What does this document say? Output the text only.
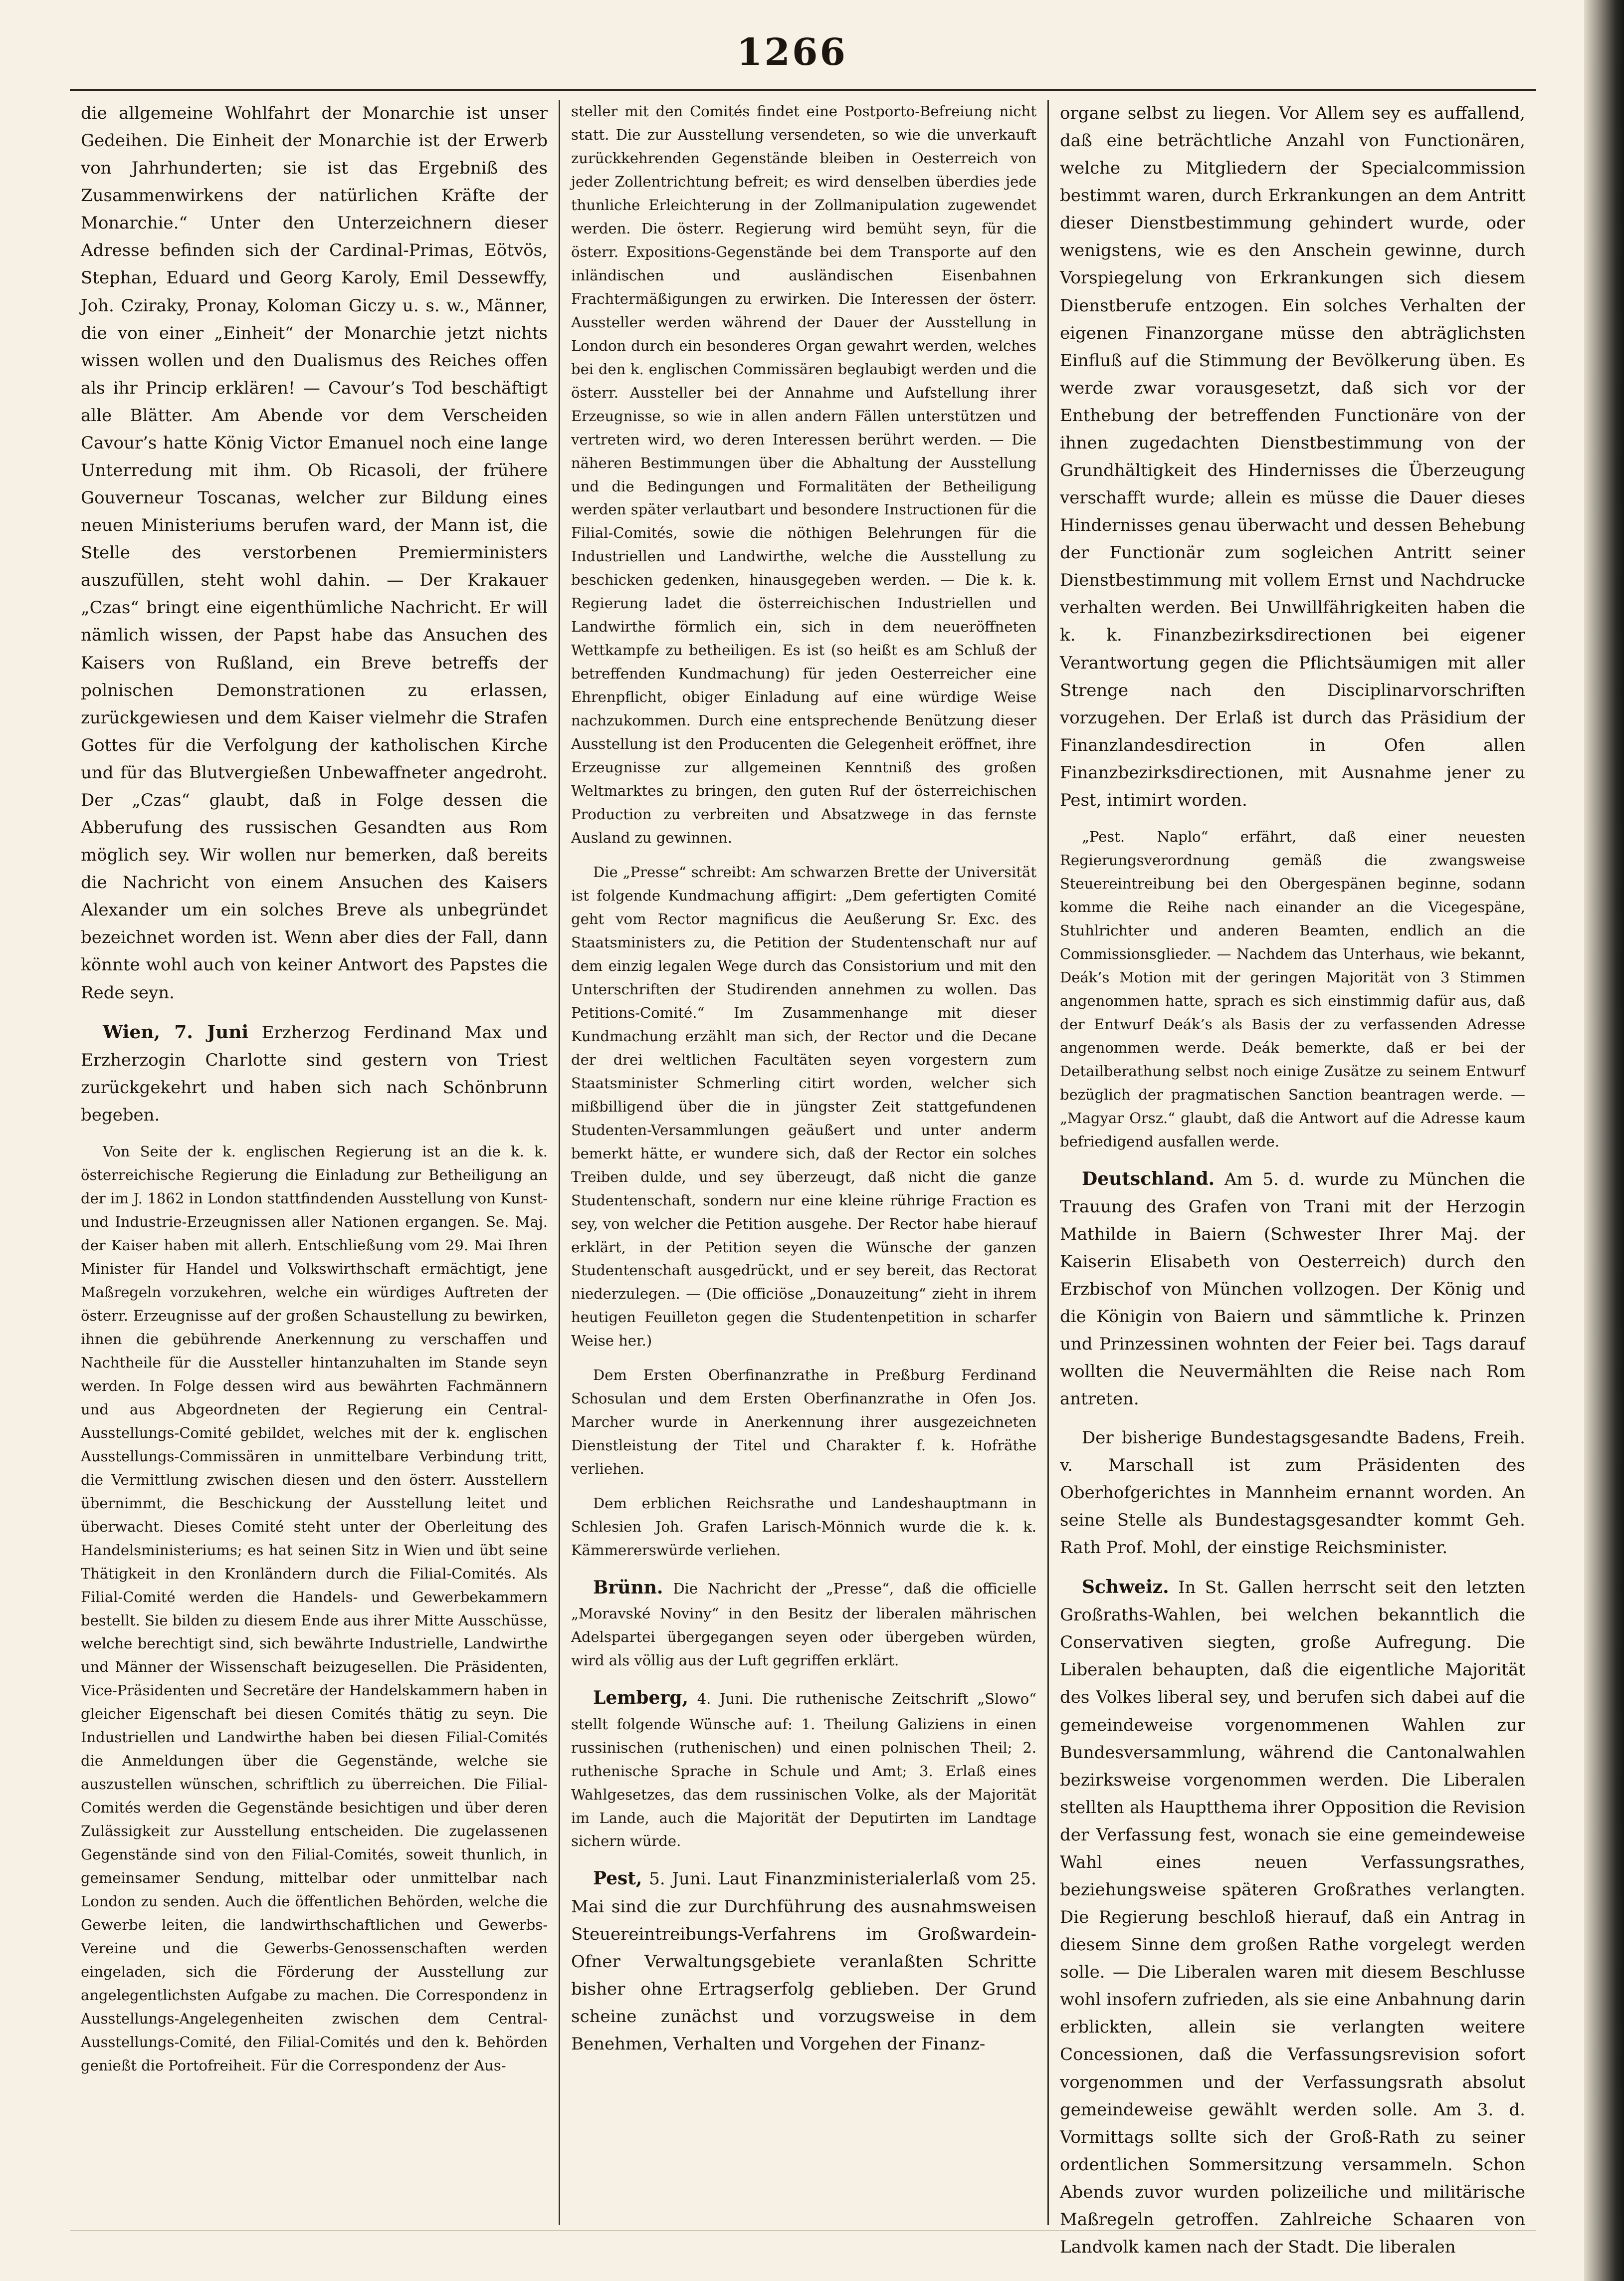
1266

die allgemeine Wohlfahrt der Monarchie ist unser Gedeihen. Die Einheit der Monarchie ist der Erwerb von Jahrhunderten; sie ist das Ergebniß des Zusammenwirkens der natürlichen Kräfte der Monarchie.“ Unter den Unterzeichnern dieser Adresse befinden sich der Cardinal-Primas, Eötvös, Stephan, Eduard und Georg Karoly, Emil Dessewffy, Joh. Cziraky, Pronay, Koloman Giczy u. s. w., Männer, die von einer „Einheit“ der Monarchie jetzt nichts wissen wollen und den Dualismus des Reiches offen als ihr Princip erklären! — Cavour’s Tod beschäftigt alle Blätter. Am Abende vor dem Verscheiden Cavour’s hatte König Victor Emanuel noch eine lange Unterredung mit ihm. Ob Ricasoli, der frühere Gouverneur Toscanas, welcher zur Bildung eines neuen Ministeriums berufen ward, der Mann ist, die Stelle des verstorbenen Premierministers auszufüllen, steht wohl dahin. — Der Krakauer „Czas“ bringt eine eigenthümliche Nachricht. Er will nämlich wissen, der Papst habe das Ansuchen des Kaisers von Rußland, ein Breve betreffs der polnischen Demonstrationen zu erlassen, zurückgewiesen und dem Kaiser vielmehr die Strafen Gottes für die Verfolgung der katholischen Kirche und für das Blutvergießen Unbewaffneter angedroht. Der „Czas“ glaubt, daß in Folge dessen die Abberufung des russischen Gesandten aus Rom möglich sey. Wir wollen nur bemerken, daß bereits die Nachricht von einem Ansuchen des Kaisers Alexander um ein solches Breve als unbegründet bezeichnet worden ist. Wenn aber dies der Fall, dann könnte wohl auch von keiner Antwort des Papstes die Rede seyn.

Wien, 7. Juni Erzherzog Ferdinand Max und Erzherzogin Charlotte sind gestern von Triest zurückgekehrt und haben sich nach Schönbrunn begeben.

Von Seite der k. englischen Regierung ist an die k. k. österreichische Regierung die Einladung zur Betheiligung an der im J. 1862 in London stattfindenden Ausstellung von Kunst- und Industrie-Erzeugnissen aller Nationen ergangen. Se. Maj. der Kaiser haben mit allerh. Entschließung vom 29. Mai Ihren Minister für Handel und Volkswirthschaft ermächtigt, jene Maßregeln vorzukehren, welche ein würdiges Auftreten der österr. Erzeugnisse auf der großen Schaustellung zu bewirken, ihnen die gebührende Anerkennung zu verschaffen und Nachtheile für die Aussteller hintanzuhalten im Stande seyn werden. In Folge dessen wird aus bewährten Fachmännern und aus Abgeordneten der Regierung ein Central-Ausstellungs-Comité gebildet, welches mit der k. englischen Ausstellungs-Commissären in unmittelbare Verbindung tritt, die Vermittlung zwischen diesen und den österr. Ausstellern übernimmt, die Beschickung der Ausstellung leitet und überwacht. Dieses Comité steht unter der Oberleitung des Handelsministeriums; es hat seinen Sitz in Wien und übt seine Thätigkeit in den Kronländern durch die Filial-Comités. Als Filial-Comité werden die Handels- und Gewerbekammern bestellt. Sie bilden zu diesem Ende aus ihrer Mitte Ausschüsse, welche berechtigt sind, sich bewährte Industrielle, Landwirthe und Männer der Wissenschaft beizugesellen. Die Präsidenten, Vice-Präsidenten und Secretäre der Handelskammern haben in gleicher Eigenschaft bei diesen Comités thätig zu seyn. Die Industriellen und Landwirthe haben bei diesen Filial-Comités die Anmeldungen über die Gegenstände, welche sie auszustellen wünschen, schriftlich zu überreichen. Die Filial-Comités werden die Gegenstände besichtigen und über deren Zulässigkeit zur Ausstellung entscheiden. Die zugelassenen Gegenstände sind von den Filial-Comités, soweit thunlich, in gemeinsamer Sendung, mittelbar oder unmittelbar nach London zu senden. Auch die öffentlichen Behörden, welche die Gewerbe leiten, die landwirthschaftlichen und Gewerbs-Vereine und die Gewerbs-Genossenschaften werden eingeladen, sich die Förderung der Ausstellung zur angelegentlichsten Aufgabe zu machen. Die Correspondenz in Ausstellungs-Angelegenheiten zwischen dem Central-Ausstellungs-Comité, den Filial-Comités und den k. Behörden genießt die Portofreiheit. Für die Correspondenz der Aus-

steller mit den Comités findet eine Postporto-Befreiung nicht statt. Die zur Ausstellung versendeten, so wie die unverkauft zurückkehrenden Gegenstände bleiben in Oesterreich von jeder Zollentrichtung befreit; es wird denselben überdies jede thunliche Erleichterung in der Zollmanipulation zugewendet werden. Die österr. Regierung wird bemüht seyn, für die österr. Expositions-Gegenstände bei dem Transporte auf den inländischen und ausländischen Eisenbahnen Frachtermäßigungen zu erwirken. Die Interessen der österr. Aussteller werden während der Dauer der Ausstellung in London durch ein besonderes Organ gewahrt werden, welches bei den k. englischen Commissären beglaubigt werden und die österr. Aussteller bei der Annahme und Aufstellung ihrer Erzeugnisse, so wie in allen andern Fällen unterstützen und vertreten wird, wo deren Interessen berührt werden. — Die näheren Bestimmungen über die Abhaltung der Ausstellung und die Bedingungen und Formalitäten der Betheiligung werden später verlautbart und besondere Instructionen für die Filial-Comités, sowie die nöthigen Belehrungen für die Industriellen und Landwirthe, welche die Ausstellung zu beschicken gedenken, hinausgegeben werden. — Die k. k. Regierung ladet die österreichischen Industriellen und Landwirthe förmlich ein, sich in dem neueröffneten Wettkampfe zu betheiligen. Es ist (so heißt es am Schluß der betreffenden Kundmachung) für jeden Oesterreicher eine Ehrenpflicht, obiger Einladung auf eine würdige Weise nachzukommen. Durch eine entsprechende Benützung dieser Ausstellung ist den Producenten die Gelegenheit eröffnet, ihre Erzeugnisse zur allgemeinen Kenntniß des großen Weltmarktes zu bringen, den guten Ruf der österreichischen Production zu verbreiten und Absatzwege in das fernste Ausland zu gewinnen.

Die „Presse“ schreibt: Am schwarzen Brette der Universität ist folgende Kundmachung affigirt: „Dem gefertigten Comité geht vom Rector magnificus die Aeußerung Sr. Exc. des Staatsministers zu, die Petition der Studentenschaft nur auf dem einzig legalen Wege durch das Consistorium und mit den Unterschriften der Studirenden annehmen zu wollen. Das Petitions-Comité.“ Im Zusammenhange mit dieser Kundmachung erzählt man sich, der Rector und die Decane der drei weltlichen Facultäten seyen vorgestern zum Staatsminister Schmerling citirt worden, welcher sich mißbilligend über die in jüngster Zeit stattgefundenen Studenten-Versammlungen geäußert und unter anderm bemerkt hätte, er wundere sich, daß der Rector ein solches Treiben dulde, und sey überzeugt, daß nicht die ganze Studentenschaft, sondern nur eine kleine rührige Fraction es sey, von welcher die Petition ausgehe. Der Rector habe hierauf erklärt, in der Petition seyen die Wünsche der ganzen Studentenschaft ausgedrückt, und er sey bereit, das Rectorat niederzulegen. — (Die officiöse „Donauzeitung“ zieht in ihrem heutigen Feuilleton gegen die Studentenpetition in scharfer Weise her.)

Dem Ersten Oberfinanzrathe in Preßburg Ferdinand Schosulan und dem Ersten Oberfinanzrathe in Ofen Jos. Marcher wurde in Anerkennung ihrer ausgezeichneten Dienstleistung der Titel und Charakter f. k. Hofräthe verliehen.

Dem erblichen Reichsrathe und Landeshauptmann in Schlesien Joh. Grafen Larisch-Mönnich wurde die k. k. Kämmererswürde verliehen.

Brünn. Die Nachricht der „Presse“, daß die officielle „Moravské Noviny“ in den Besitz der liberalen mährischen Adelspartei übergegangen seyen oder übergeben würden, wird als völlig aus der Luft gegriffen erklärt.

Lemberg, 4. Juni. Die ruthenische Zeitschrift „Slowo“ stellt folgende Wünsche auf: 1. Theilung Galiziens in einen russinischen (ruthenischen) und einen polnischen Theil; 2. ruthenische Sprache in Schule und Amt; 3. Erlaß eines Wahlgesetzes, das dem russinischen Volke, als der Majorität im Lande, auch die Majorität der Deputirten im Landtage sichern würde.

Pest, 5. Juni. Laut Finanzministerialerlaß vom 25. Mai sind die zur Durchführung des ausnahmsweisen Steuereintreibungs-Verfahrens im Großwardein-Ofner Verwaltungsgebiete veranlaßten Schritte bisher ohne Ertragserfolg geblieben. Der Grund scheine zunächst und vorzugsweise in dem Benehmen, Verhalten und Vorgehen der Finanz-

organe selbst zu liegen. Vor Allem sey es auffallend, daß eine beträchtliche Anzahl von Functionären, welche zu Mitgliedern der Specialcommission bestimmt waren, durch Erkrankungen an dem Antritt dieser Dienstbestimmung gehindert wurde, oder wenigstens, wie es den Anschein gewinne, durch Vorspiegelung von Erkrankungen sich diesem Dienstberufe entzogen. Ein solches Verhalten der eigenen Finanzorgane müsse den abträglichsten Einfluß auf die Stimmung der Bevölkerung üben. Es werde zwar vorausgesetzt, daß sich vor der Enthebung der betreffenden Functionäre von der ihnen zugedachten Dienstbestimmung von der Grundhältigkeit des Hindernisses die Überzeugung verschafft wurde; allein es müsse die Dauer dieses Hindernisses genau überwacht und dessen Behebung der Functionär zum sogleichen Antritt seiner Dienstbestimmung mit vollem Ernst und Nachdrucke verhalten werden. Bei Unwillfährigkeiten haben die k. k. Finanzbezirksdirectionen bei eigener Verantwortung gegen die Pflichtsäumigen mit aller Strenge nach den Disciplinarvorschriften vorzugehen. Der Erlaß ist durch das Präsidium der Finanzlandesdirection in Ofen allen Finanzbezirksdirectionen, mit Ausnahme jener zu Pest, intimirt worden.

„Pest. Naplo“ erfährt, daß einer neuesten Regierungsverordnung gemäß die zwangsweise Steuereintreibung bei den Obergespänen beginne, sodann komme die Reihe nach einander an die Vicegespäne, Stuhlrichter und anderen Beamten, endlich an die Commissionsglieder. — Nachdem das Unterhaus, wie bekannt, Deák’s Motion mit der geringen Majorität von 3 Stimmen angenommen hatte, sprach es sich einstimmig dafür aus, daß der Entwurf Deák’s als Basis der zu verfassenden Adresse angenommen werde. Deák bemerkte, daß er bei der Detailberathung selbst noch einige Zusätze zu seinem Entwurf bezüglich der pragmatischen Sanction beantragen werde. — „Magyar Orsz.“ glaubt, daß die Antwort auf die Adresse kaum befriedigend ausfallen werde.

Deutschland. Am 5. d. wurde zu München die Trauung des Grafen von Trani mit der Herzogin Mathilde in Baiern (Schwester Ihrer Maj. der Kaiserin Elisabeth von Oesterreich) durch den Erzbischof von München vollzogen. Der König und die Königin von Baiern und sämmtliche k. Prinzen und Prinzessinen wohnten der Feier bei. Tags darauf wollten die Neuvermählten die Reise nach Rom antreten.

Der bisherige Bundestagsgesandte Badens, Freih. v. Marschall ist zum Präsidenten des Oberhofgerichtes in Mannheim ernannt worden. An seine Stelle als Bundestagsgesandter kommt Geh. Rath Prof. Mohl, der einstige Reichsminister.

Schweiz. In St. Gallen herrscht seit den letzten Großraths-Wahlen, bei welchen bekanntlich die Conservativen siegten, große Aufregung. Die Liberalen behaupten, daß die eigentliche Majorität des Volkes liberal sey, und berufen sich dabei auf die gemeindeweise vorgenommenen Wahlen zur Bundesversammlung, während die Cantonalwahlen bezirksweise vorgenommen werden. Die Liberalen stellten als Hauptthema ihrer Opposition die Revision der Verfassung fest, wonach sie eine gemeindeweise Wahl eines neuen Verfassungsrathes, beziehungsweise späteren Großrathes verlangten. Die Regierung beschloß hierauf, daß ein Antrag in diesem Sinne dem großen Rathe vorgelegt werden solle. — Die Liberalen waren mit diesem Beschlusse wohl insofern zufrieden, als sie eine Anbahnung darin erblickten, allein sie verlangten weitere Concessionen, daß die Verfassungsrevision sofort vorgenommen und der Verfassungsrath absolut gemeindeweise gewählt werden solle. Am 3. d. Vormittags sollte sich der Groß-Rath zu seiner ordentlichen Sommersitzung versammeln. Schon Abends zuvor wurden polizeiliche und militärische Maßregeln getroffen. Zahlreiche Schaaren von Landvolk kamen nach der Stadt. Die liberalen
